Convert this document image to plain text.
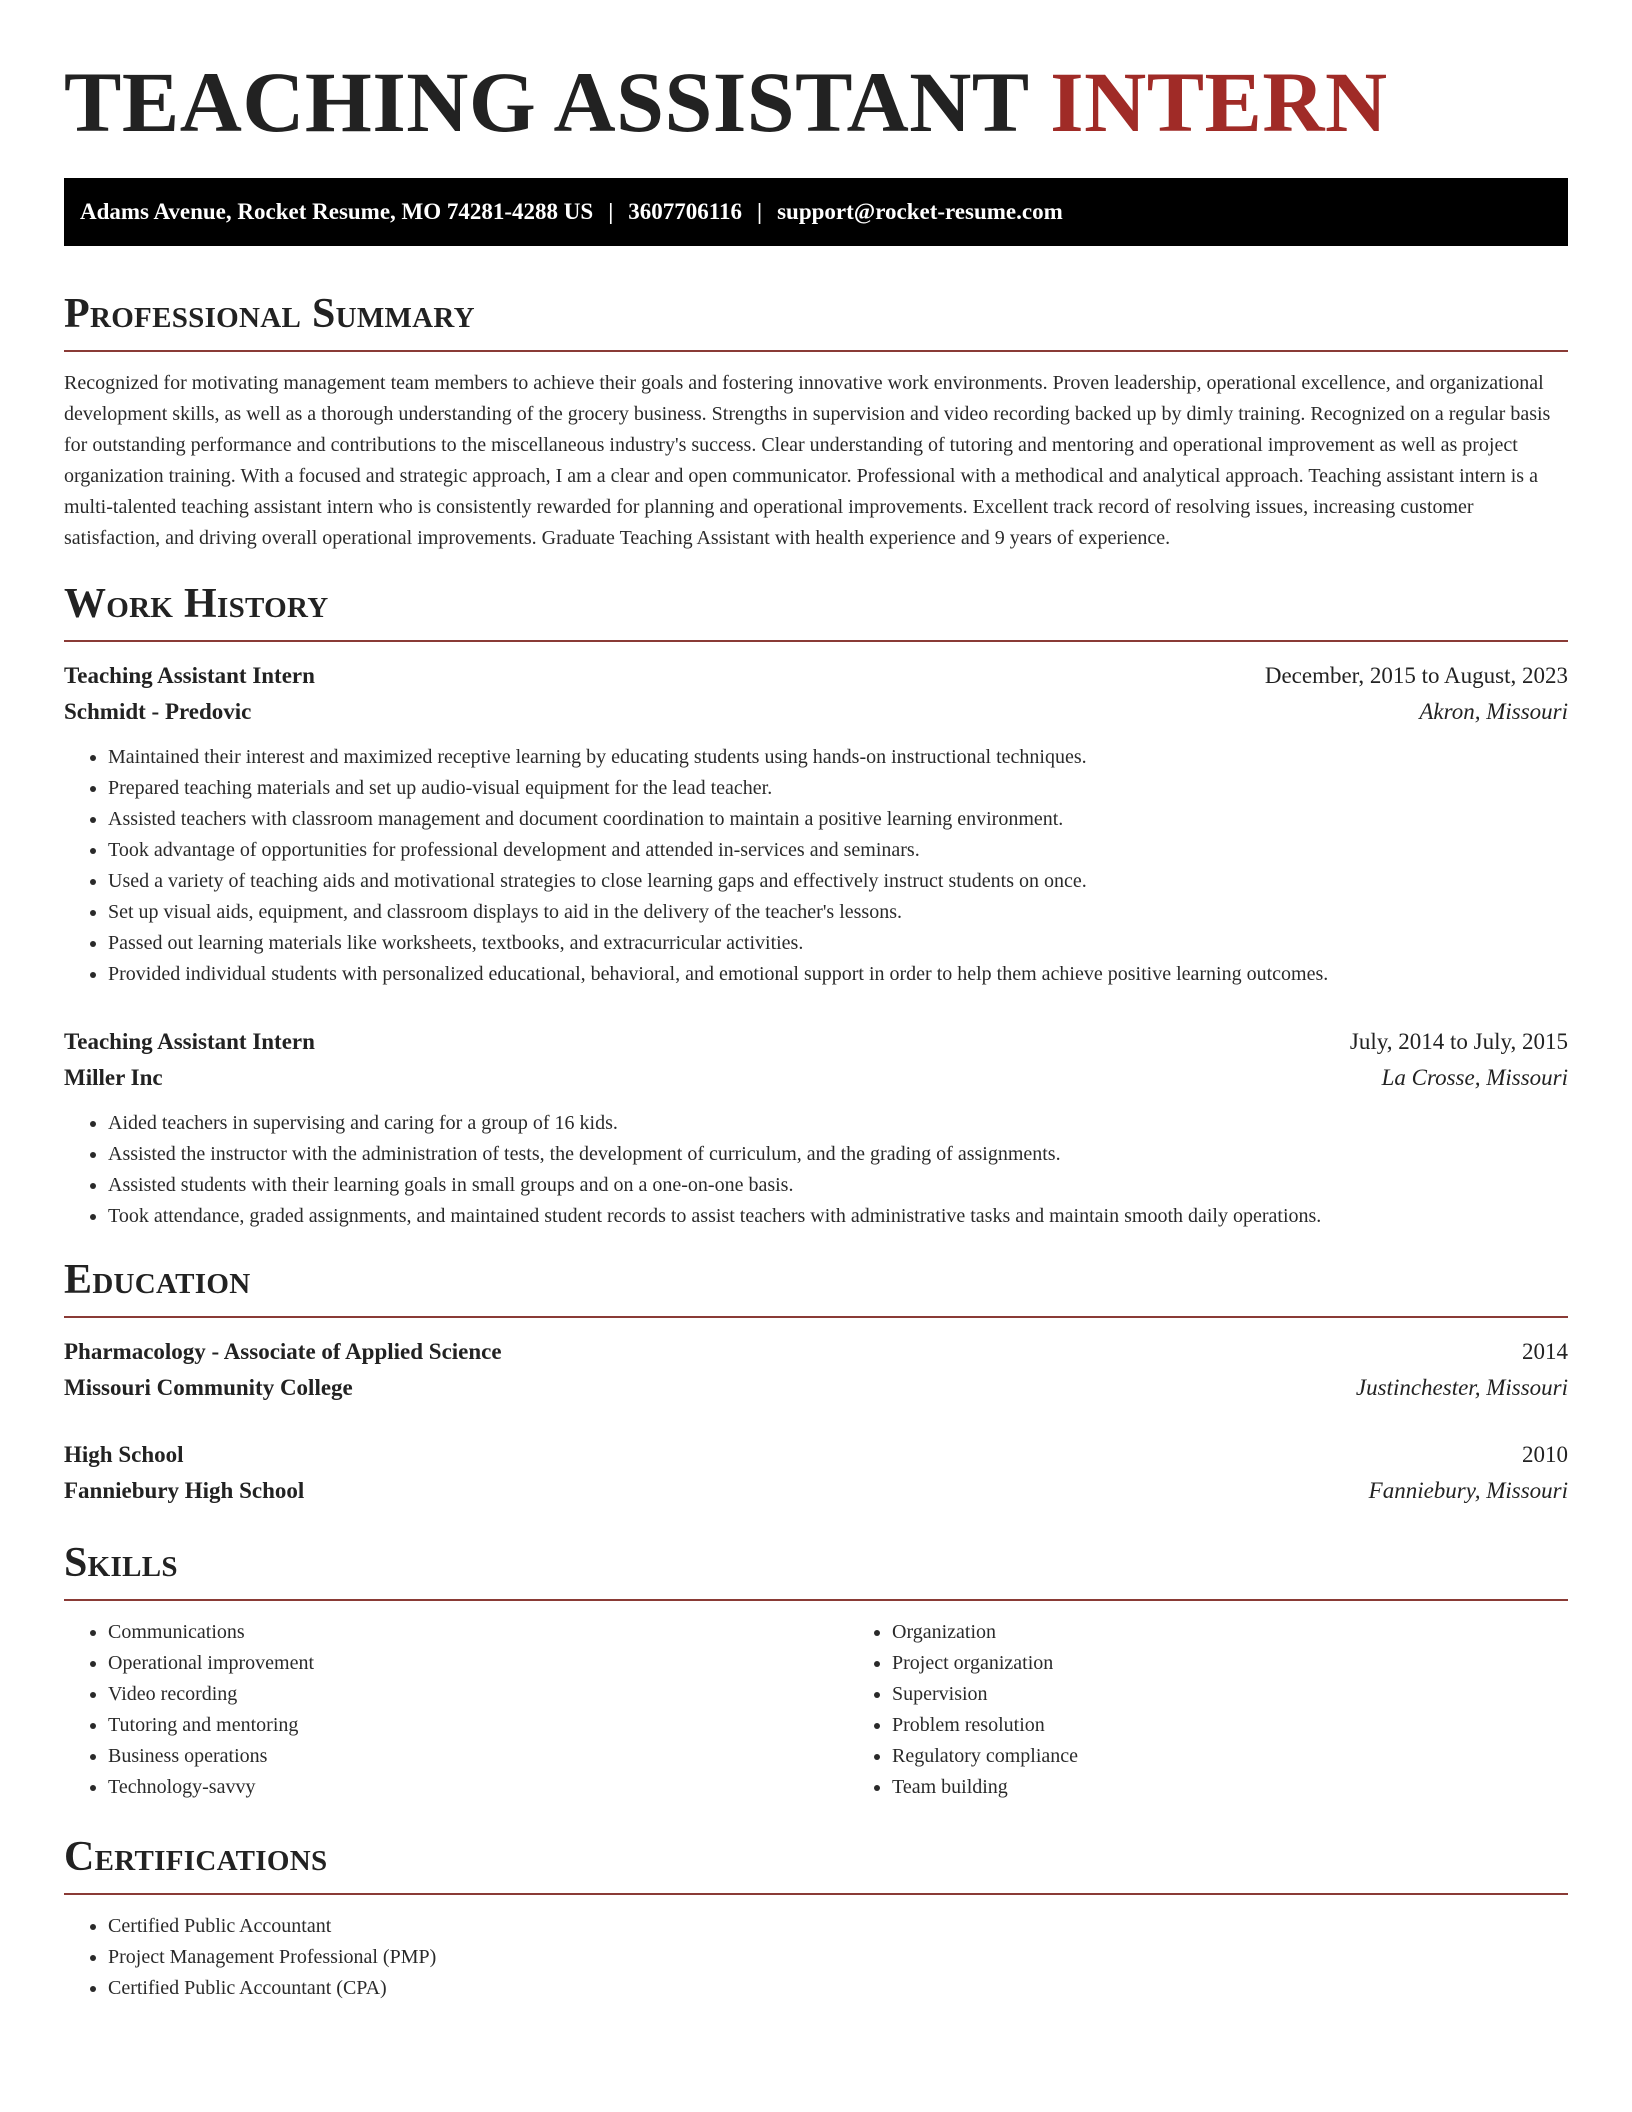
TEACHING ASSISTANT INTERN
Adams Avenue, Rocket Resume, MO 74281-4288 US | 3607706116 | support@rocket-resume.com
Professional Summary

Recognized for motivating management team members to achieve their goals and fostering innovative work environments. Proven leadership, operational excellence, and organizational development skills, as well as a thorough understanding of the grocery business. Strengths in supervision and video recording backed up by dimly training. Recognized on a regular basis for outstanding performance and contributions to the miscellaneous industry's success. Clear understanding of tutoring and mentoring and operational improvement as well as project organization training. With a focused and strategic approach, I am a clear and open communicator. Professional with a methodical and analytical approach. Teaching assistant intern is a multi-talented teaching assistant intern who is consistently rewarded for planning and operational improvements. Excellent track record of resolving issues, increasing customer satisfaction, and driving overall operational improvements. Graduate Teaching Assistant with health experience and 9 years of experience.

Work History
Teaching Assistant Intern	December, 2015 to August, 2023
Schmidt - Predovic	Akron, Missouri
• Maintained their interest and maximized receptive learning by educating students using hands-on instructional techniques.
• Prepared teaching materials and set up audio-visual equipment for the lead teacher.
• Assisted teachers with classroom management and document coordination to maintain a positive learning environment.
• Took advantage of opportunities for professional development and attended in-services and seminars.
• Used a variety of teaching aids and motivational strategies to close learning gaps and effectively instruct students on once.
• Set up visual aids, equipment, and classroom displays to aid in the delivery of the teacher's lessons.
• Passed out learning materials like worksheets, textbooks, and extracurricular activities.
• Provided individual students with personalized educational, behavioral, and emotional support in order to help them achieve positive learning outcomes.
Teaching Assistant Intern	July, 2014 to July, 2015
Miller Inc	La Crosse, Missouri
• Aided teachers in supervising and caring for a group of 16 kids.
• Assisted the instructor with the administration of tests, the development of curriculum, and the grading of assignments.
• Assisted students with their learning goals in small groups and on a one-on-one basis.
• Took attendance, graded assignments, and maintained student records to assist teachers with administrative tasks and maintain smooth daily operations.
Education
Pharmacology - Associate of Applied Science	2014
Missouri Community College	Justinchester, Missouri
High School	2010
Fanniebury High School	Fanniebury, Missouri
Skills
• Communications
• Operational improvement
• Video recording
• Tutoring and mentoring
• Business operations
• Technology-savvy
• Organization
• Project organization
• Supervision
• Problem resolution
• Regulatory compliance
• Team building
Certifications
• Certified Public Accountant
• Project Management Professional (PMP)
• Certified Public Accountant (CPA)
